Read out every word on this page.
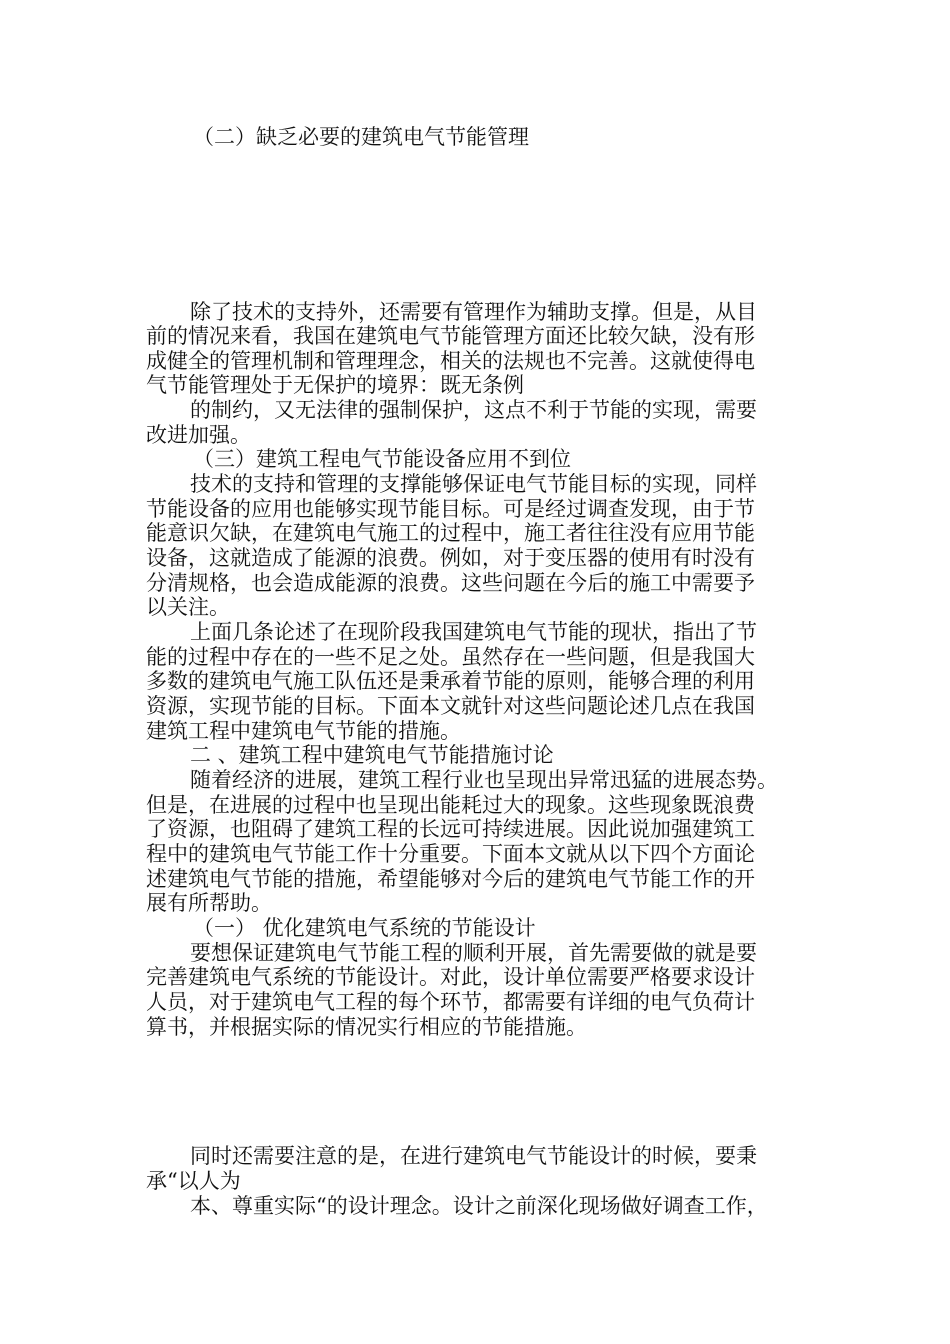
（二）缺乏必要的建筑电气节能管理
除了技术的支持外，还需要有管理作为辅助支撑。但是，从目
前的情况来看，我国在建筑电气节能管理方面还比较欠缺，没有形
成健全的管理机制和管理理念，相关的法规也不完善。这就使得电
气节能管理处于无保护的境界：既无条例
的制约，又无法律的强制保护，这点不利于节能的实现，需要
改进加强。
（三）建筑工程电气节能设备应用不到位
技术的支持和管理的支撑能够保证电气节能目标的实现，同样
节能设备的应用也能够实现节能目标。可是经过调查发现，由于节
能意识欠缺，在建筑电气施工的过程中，施工者往往没有应用节能
设备，这就造成了能源的浪费。例如，对于变压器的使用有时没有
分清规格，也会造成能源的浪费。这些问题在今后的施工中需要予
以关注。
上面几条论述了在现阶段我国建筑电气节能的现状，指出了节
能的过程中存在的一些不足之处。虽然存在一些问题，但是我国大
多数的建筑电气施工队伍还是秉承着节能的原则，能够合理的利用
资源，实现节能的目标。下面本文就针对这些问题论述几点在我国
建筑工程中建筑电气节能的措施。
二 、建筑工程中建筑电气节能措施讨论
随着经济的进展，建筑工程行业也呈现出异常迅猛的进展态势。
但是，在进展的过程中也呈现出能耗过大的现象。这些现象既浪费
了资源，也阻碍了建筑工程的长远可持续进展。因此说加强建筑工
程中的建筑电气节能工作十分重要。下面本文就从以下四个方面论
述建筑电气节能的措施，希望能够对今后的建筑电气节能工作的开
展有所帮助。
（一） 优化建筑电气系统的节能设计
要想保证建筑电气节能工程的顺利开展，首先需要做的就是要
完善建筑电气系统的节能设计。对此，设计单位需要严格要求设计
人员，对于建筑电气工程的每个环节，都需要有详细的电气负荷计
算书，并根据实际的情况实行相应的节能措施。
同时还需要注意的是，在进行建筑电气节能设计的时候，要秉
承“以人为
本、尊重实际“的设计理念。设计之前深化现场做好调查工作，
